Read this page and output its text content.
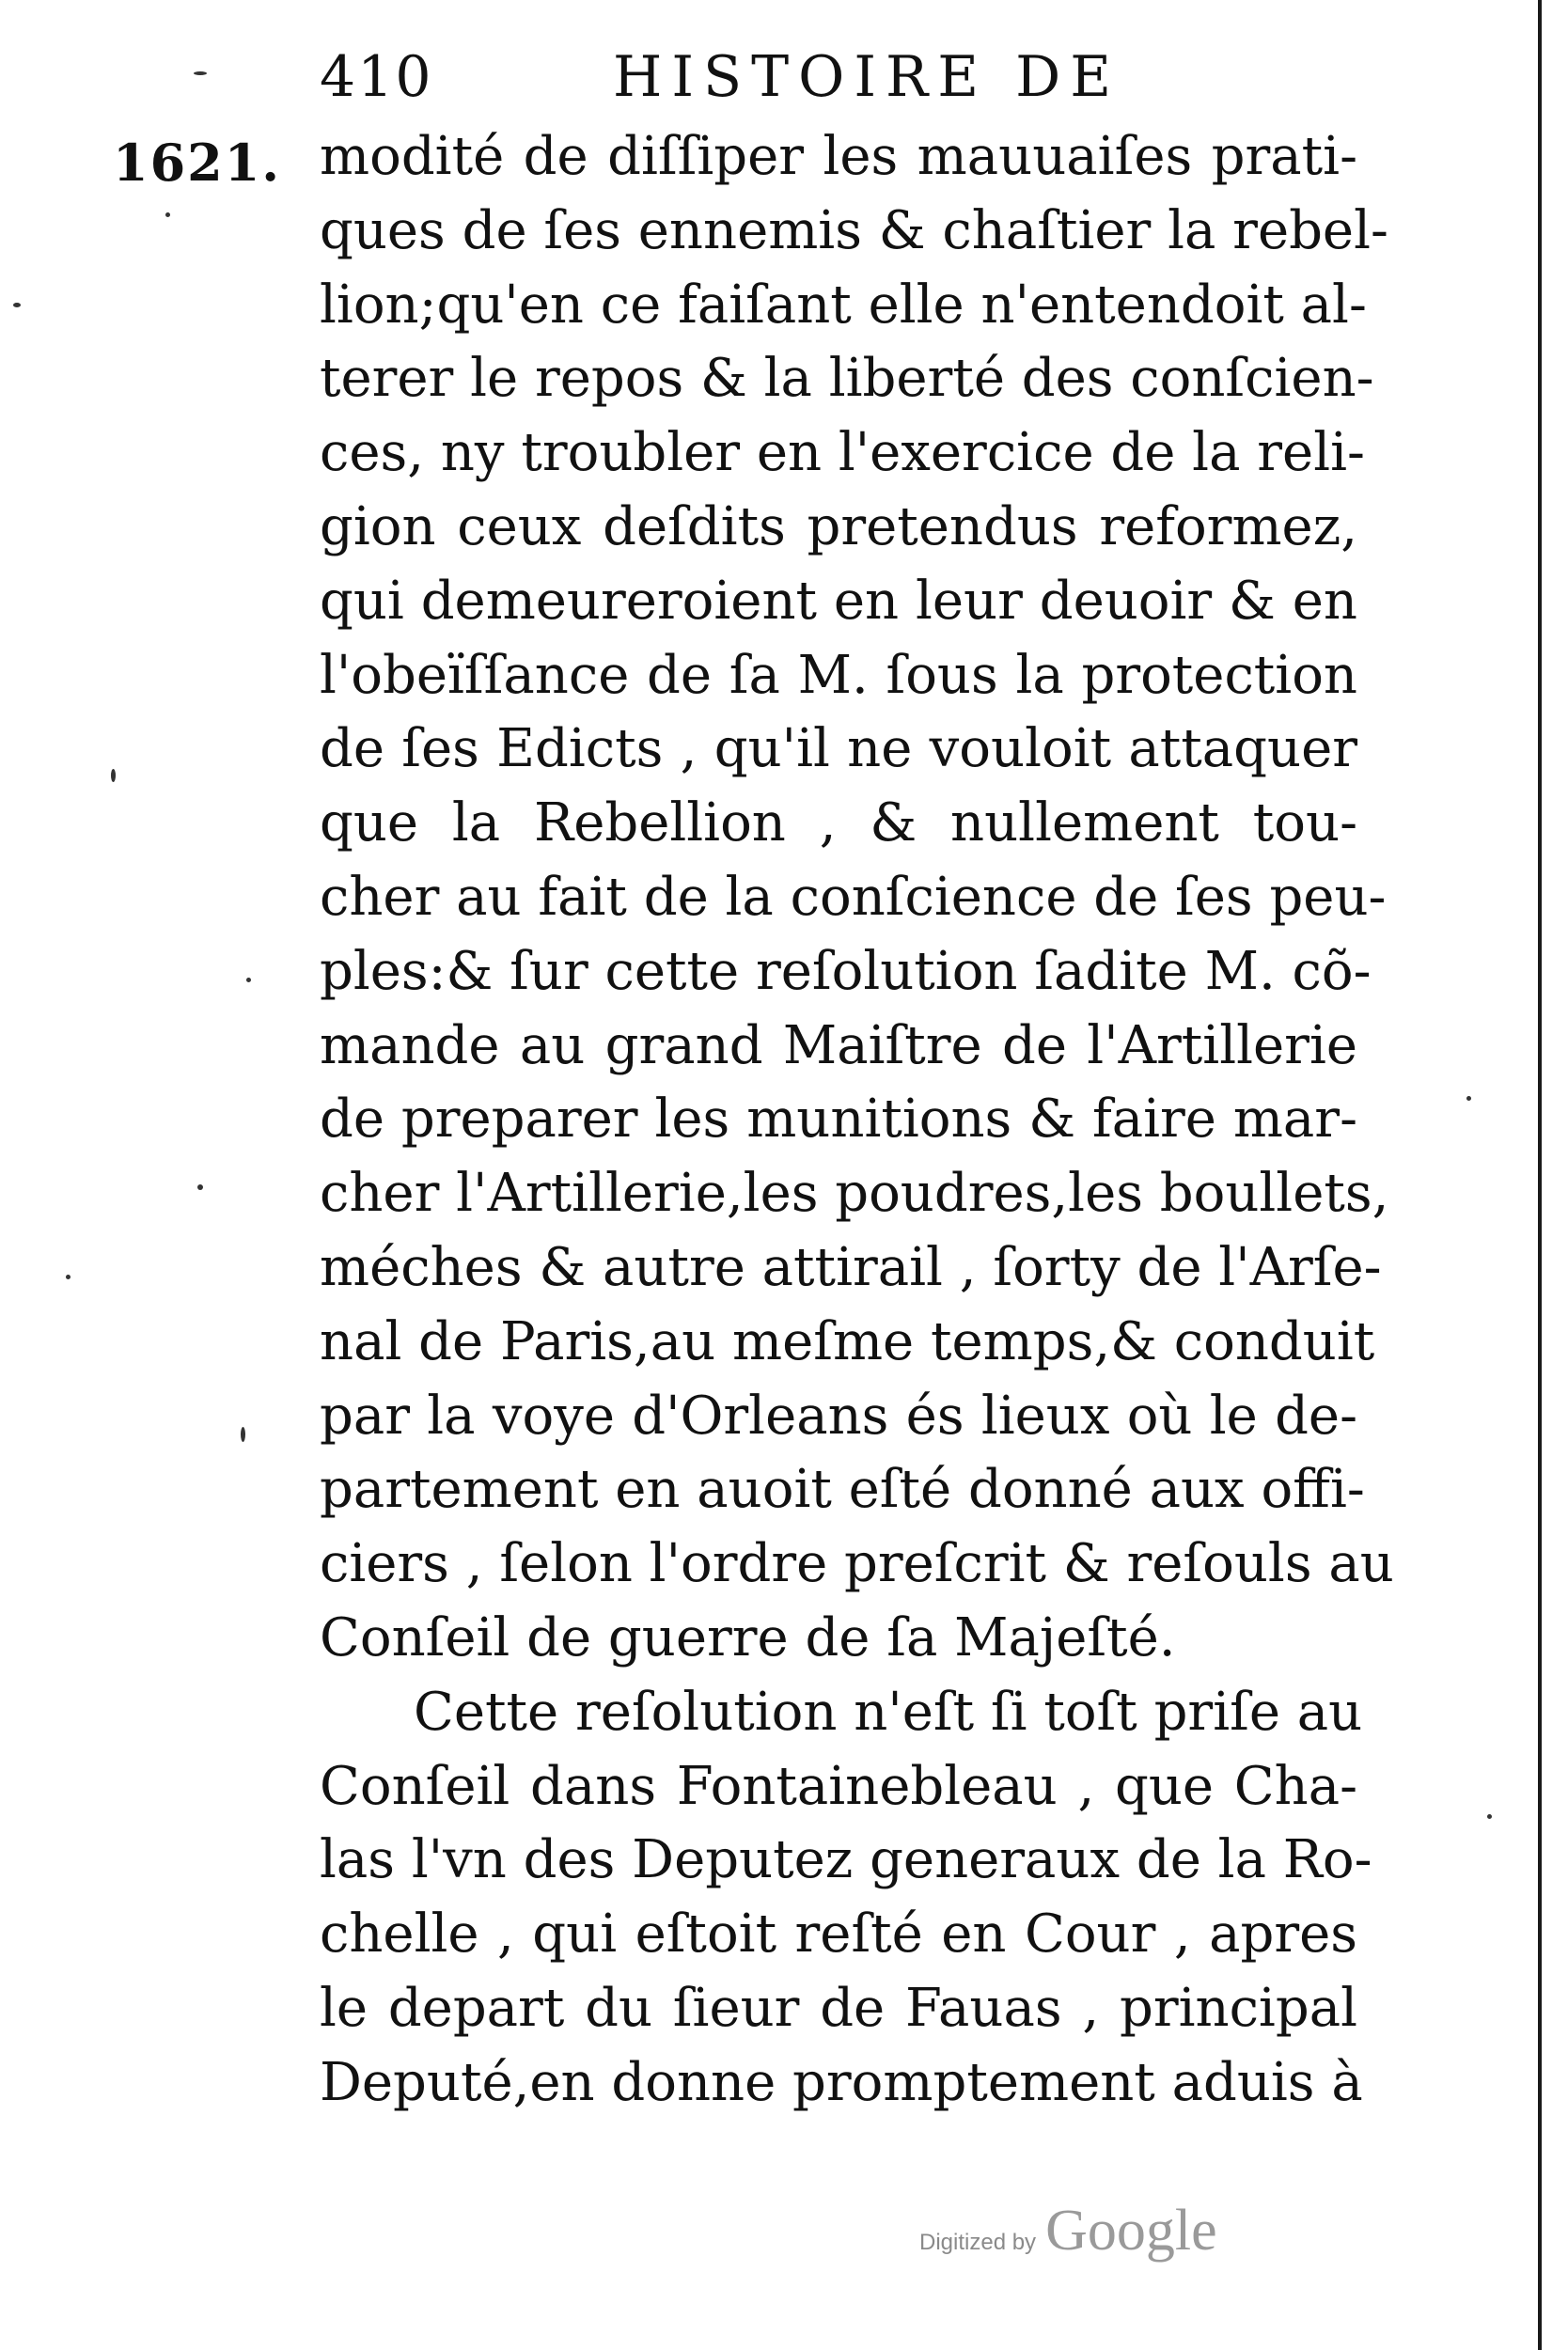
410	HISTOIRE DE
1621. modité de diſſiper les mauuaiſes prati-
ques de ſes ennemis & chaſtier la rebel-
lion;qu'en ce faiſant elle n'entendoit al-
terer le repos & la liberté des conſcien-
ces, ny troubler en l'exercice de la reli-
gion ceux deſdits pretendus reformez,
qui demeureroient en leur deuoir & en
l'obeïſſance de ſa M. ſous la protection
de ſes Edicts , qu'il ne vouloit attaquer
que la Rebellion , & nullement tou-
cher au fait de la conſcience de ſes peu-
ples:& ſur cette reſolution ſadite M. cõ-
mande au grand Maiſtre de l'Artillerie
de preparer les munitions & faire mar-
cher l'Artillerie,les poudres,les boullets,
méches & autre attirail , ſorty de l'Arſe-
nal de Paris,au meſme temps,& conduit
par la voye d'Orleans és lieux où le de-
partement en auoit eſté donné aux offi-
ciers , ſelon l'ordre preſcrit & reſouls au
Conſeil de guerre de ſa Majeſté.
Cette reſolution n'eſt ſi toſt priſe au
Conſeil dans Fontainebleau , que Cha-
las l'vn des Deputez generaux de la Ro-
chelle , qui eſtoit reſté en Cour , apres
le depart du ſieur de Fauas , principal
Deputé,en donne promptement aduis à
Digitized by Google
